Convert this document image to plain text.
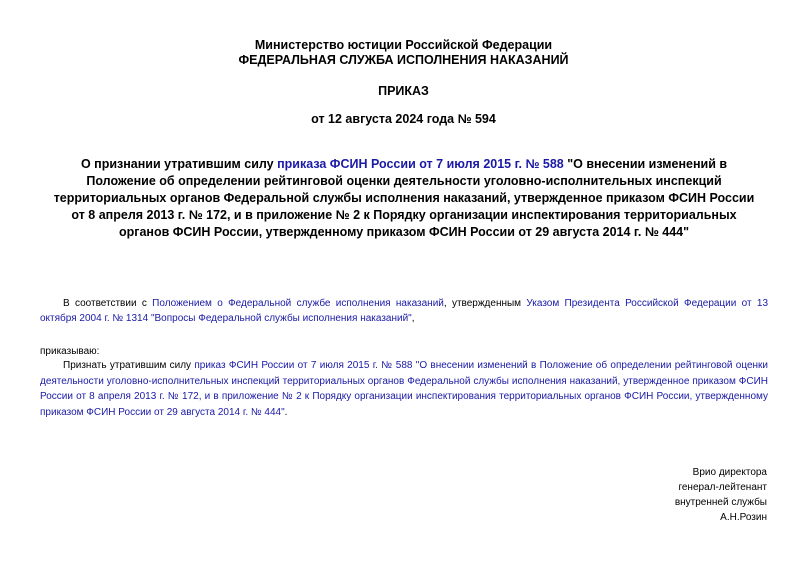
Министерство юстиции Российской Федерации
ФЕДЕРАЛЬНАЯ СЛУЖБА ИСПОЛНЕНИЯ НАКАЗАНИЙ
ПРИКАЗ
от 12 августа 2024 года № 594
О признании утратившим силу приказа ФСИН России от 7 июля 2015 г. № 588 "О внесении изменений в Положение об определении рейтинговой оценки деятельности уголовно-исполнительных инспекций территориальных органов Федеральной службы исполнения наказаний, утвержденное приказом ФСИН России от 8 апреля 2013 г. № 172, и в приложение № 2 к Порядку организации инспектирования территориальных органов ФСИН России, утвержденному приказом ФСИН России от 29 августа 2014 г. № 444"
В соответствии с Положением о Федеральной службе исполнения наказаний, утвержденным Указом Президента Российской Федерации от 13 октября 2004 г. № 1314 "Вопросы Федеральной службы исполнения наказаний",
приказываю:
Признать утратившим силу приказ ФСИН России от 7 июля 2015 г. № 588 "О внесении изменений в Положение об определении рейтинговой оценки деятельности уголовно-исполнительных инспекций территориальных органов Федеральной службы исполнения наказаний, утвержденное приказом ФСИН России от 8 апреля 2013 г. № 172, и в приложение № 2 к Порядку организации инспектирования территориальных органов ФСИН России, утвержденному приказом ФСИН России от 29 августа 2014 г. № 444".
Врио директора
генерал-лейтенант
внутренней службы
А.Н.Розин
